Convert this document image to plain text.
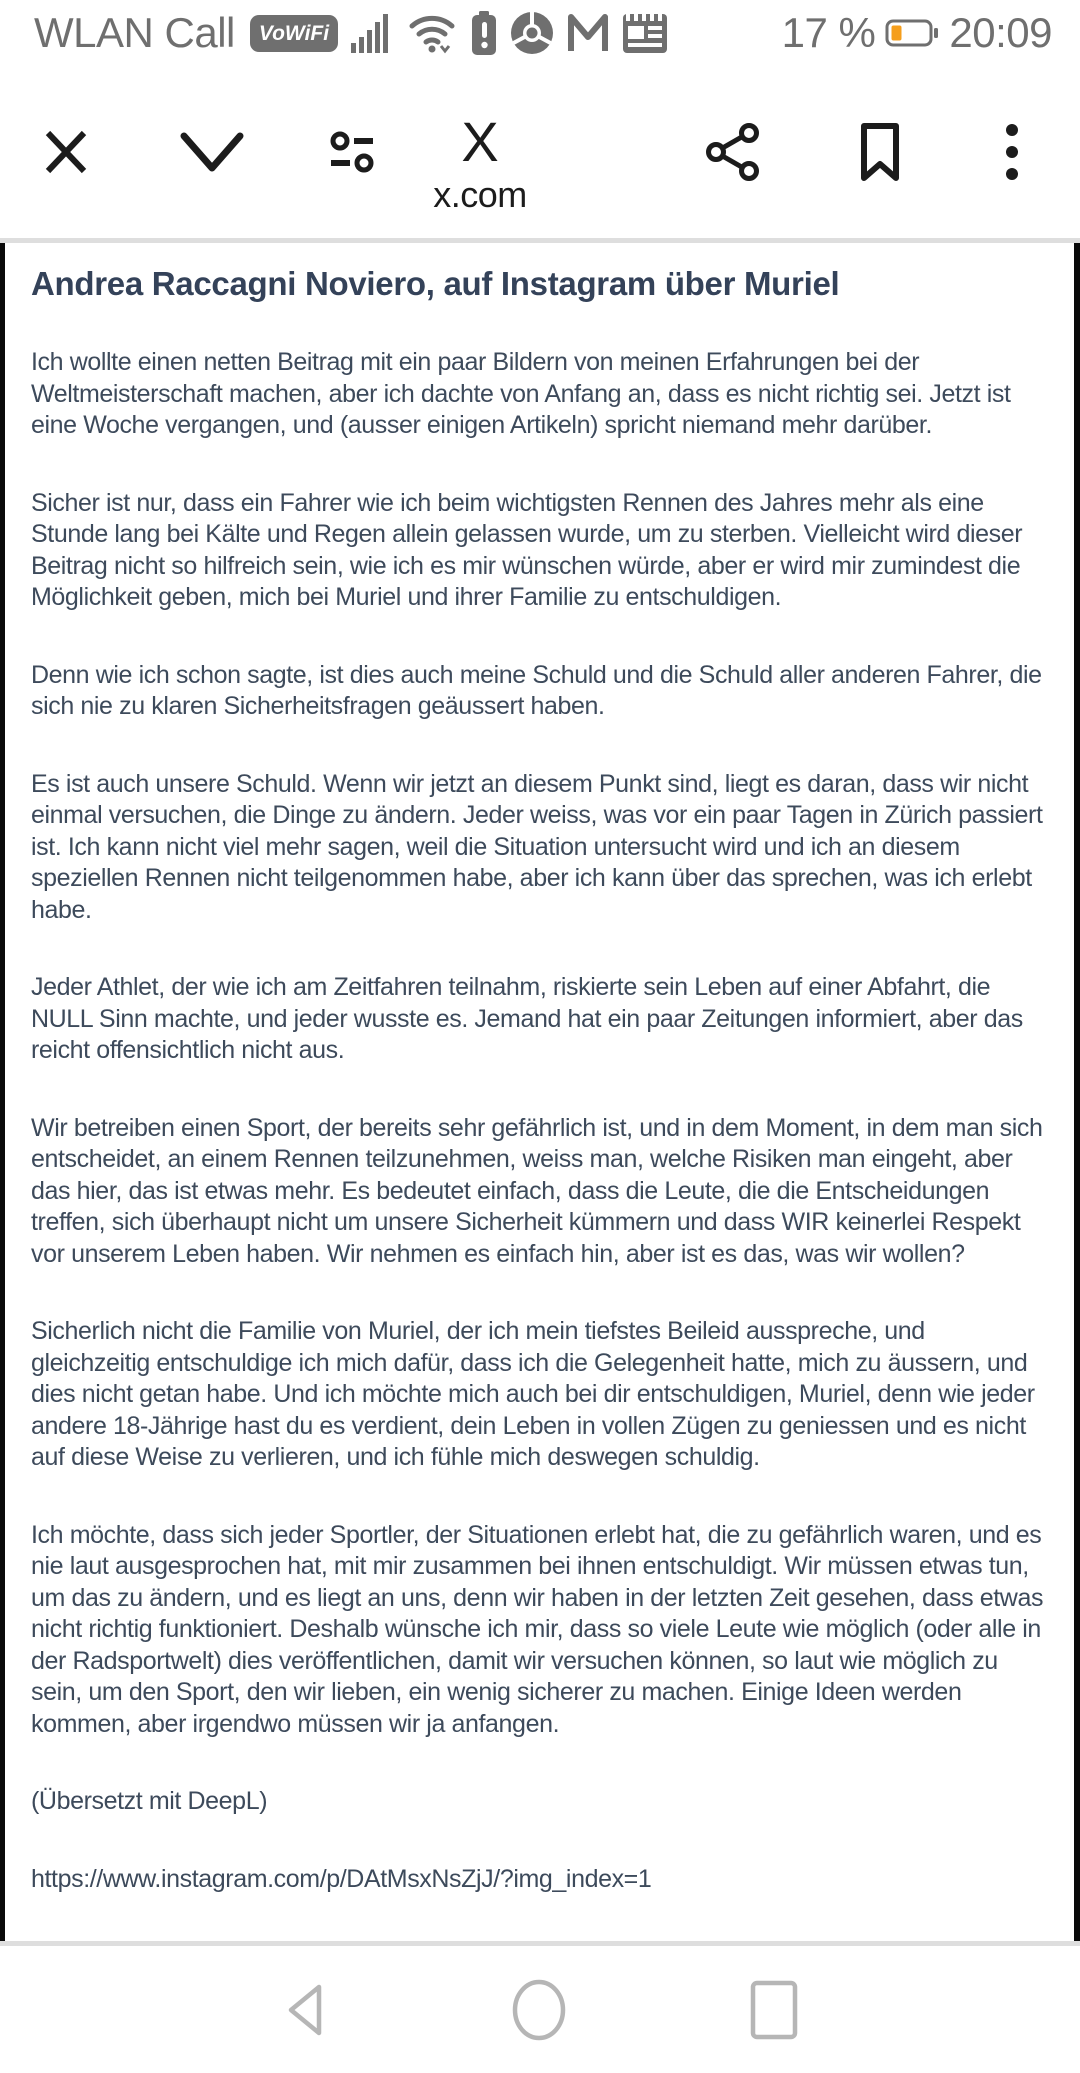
WLAN Call	VoWiFi	17 % 20:09
X
x.com
Andrea Raccagni Noviero, auf Instagram über Muriel

Ich wollte einen netten Beitrag mit ein paar Bildern von meinen Erfahrungen bei der Weltmeisterschaft machen, aber ich dachte von Anfang an, dass es nicht richtig sei. Jetzt ist eine Woche vergangen, und (ausser einigen Artikeln) spricht niemand mehr darüber.

Sicher ist nur, dass ein Fahrer wie ich beim wichtigsten Rennen des Jahres mehr als eine Stunde lang bei Kälte und Regen allein gelassen wurde, um zu sterben. Vielleicht wird dieser Beitrag nicht so hilfreich sein, wie ich es mir wünschen würde, aber er wird mir zumindest die Möglichkeit geben, mich bei Muriel und ihrer Familie zu entschuldigen.

Denn wie ich schon sagte, ist dies auch meine Schuld und die Schuld aller anderen Fahrer, die sich nie zu klaren Sicherheitsfragen geäussert haben.

Es ist auch unsere Schuld. Wenn wir jetzt an diesem Punkt sind, liegt es daran, dass wir nicht einmal versuchen, die Dinge zu ändern. Jeder weiss, was vor ein paar Tagen in Zürich passiert ist. Ich kann nicht viel mehr sagen, weil die Situation untersucht wird und ich an diesem speziellen Rennen nicht teilgenommen habe, aber ich kann über das sprechen, was ich erlebt habe.

Jeder Athlet, der wie ich am Zeitfahren teilnahm, riskierte sein Leben auf einer Abfahrt, die NULL Sinn machte, und jeder wusste es. Jemand hat ein paar Zeitungen informiert, aber das reicht offensichtlich nicht aus.

Wir betreiben einen Sport, der bereits sehr gefährlich ist, und in dem Moment, in dem man sich entscheidet, an einem Rennen teilzunehmen, weiss man, welche Risiken man eingeht, aber das hier, das ist etwas mehr. Es bedeutet einfach, dass die Leute, die die Entscheidungen treffen, sich überhaupt nicht um unsere Sicherheit kümmern und dass WIR keinerlei Respekt vor unserem Leben haben. Wir nehmen es einfach hin, aber ist es das, was wir wollen?

Sicherlich nicht die Familie von Muriel, der ich mein tiefstes Beileid ausspreche, und gleichzeitig entschuldige ich mich dafür, dass ich die Gelegenheit hatte, mich zu äussern, und dies nicht getan habe. Und ich möchte mich auch bei dir entschuldigen, Muriel, denn wie jeder andere 18-Jährige hast du es verdient, dein Leben in vollen Zügen zu geniessen und es nicht auf diese Weise zu verlieren, und ich fühle mich deswegen schuldig.

Ich möchte, dass sich jeder Sportler, der Situationen erlebt hat, die zu gefährlich waren, und es nie laut ausgesprochen hat, mit mir zusammen bei ihnen entschuldigt. Wir müssen etwas tun, um das zu ändern, und es liegt an uns, denn wir haben in der letzten Zeit gesehen, dass etwas nicht richtig funktioniert. Deshalb wünsche ich mir, dass so viele Leute wie möglich (oder alle in der Radsportwelt) dies veröffentlichen, damit wir versuchen können, so laut wie möglich zu sein, um den Sport, den wir lieben, ein wenig sicherer zu machen. Einige Ideen werden kommen, aber irgendwo müssen wir ja anfangen.

(Übersetzt mit DeepL)

https://www.instagram.com/p/DAtMsxNsZjJ/?img_index=1
